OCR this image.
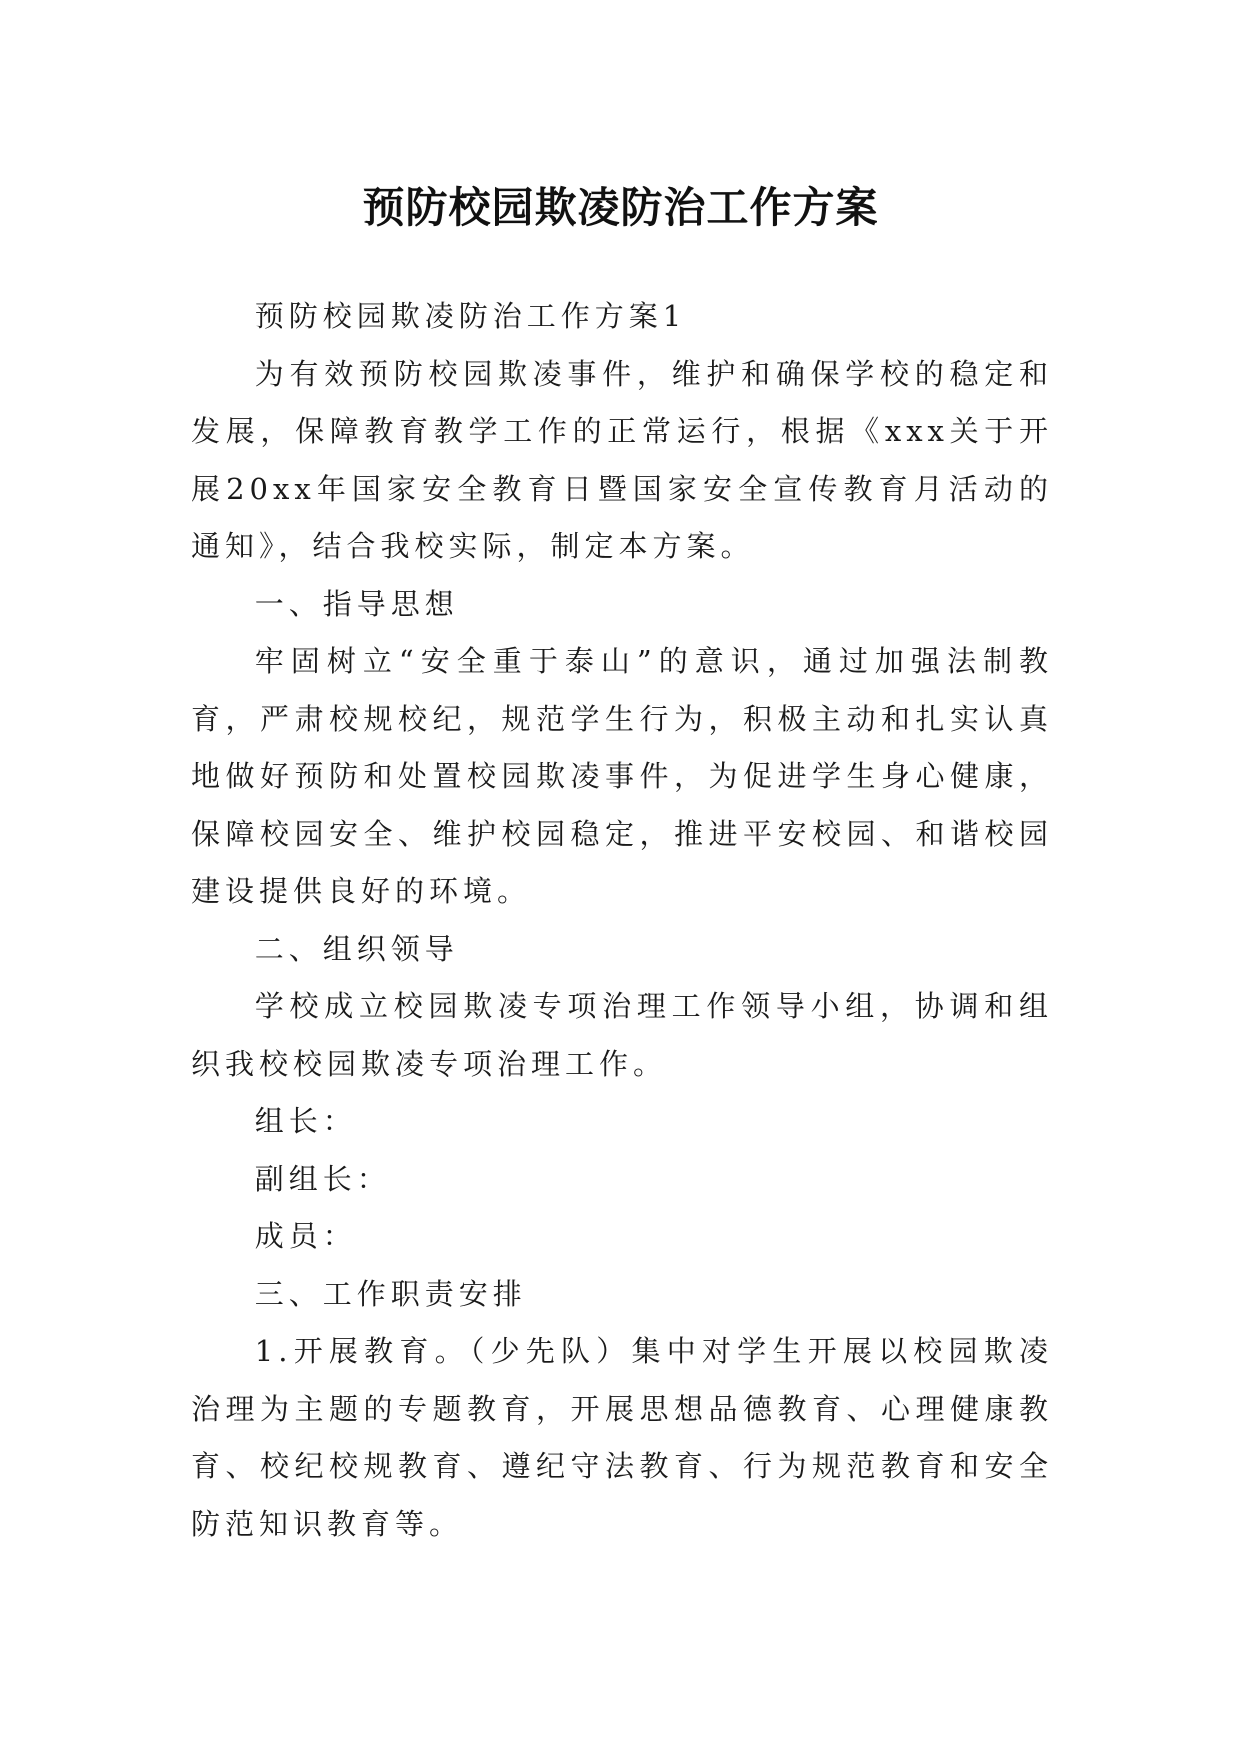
预防校园欺凌防治工作方案

预防校园欺凌防治工作方案1

为有效预防校园欺凌事件，维护和确保学校的稳定和发展，保障教育教学工作的正常运行，根据《xxx关于开展20xx年国家安全教育日暨国家安全宣传教育月活动的通知》，结合我校实际，制定本方案。

一、指导思想

牢固树立“安全重于泰山”的意识，通过加强法制教育，严肃校规校纪，规范学生行为，积极主动和扎实认真地做好预防和处置校园欺凌事件，为促进学生身心健康，保障校园安全、维护校园稳定，推进平安校园、和谐校园建设提供良好的环境。

二、组织领导

学校成立校园欺凌专项治理工作领导小组，协调和组织我校校园欺凌专项治理工作。

组长：

副组长：

成员：

三、工作职责安排

1.开展教育。（少先队）集中对学生开展以校园欺凌治理为主题的专题教育，开展思想品德教育、心理健康教育、校纪校规教育、遵纪守法教育、行为规范教育和安全防范知识教育等。
